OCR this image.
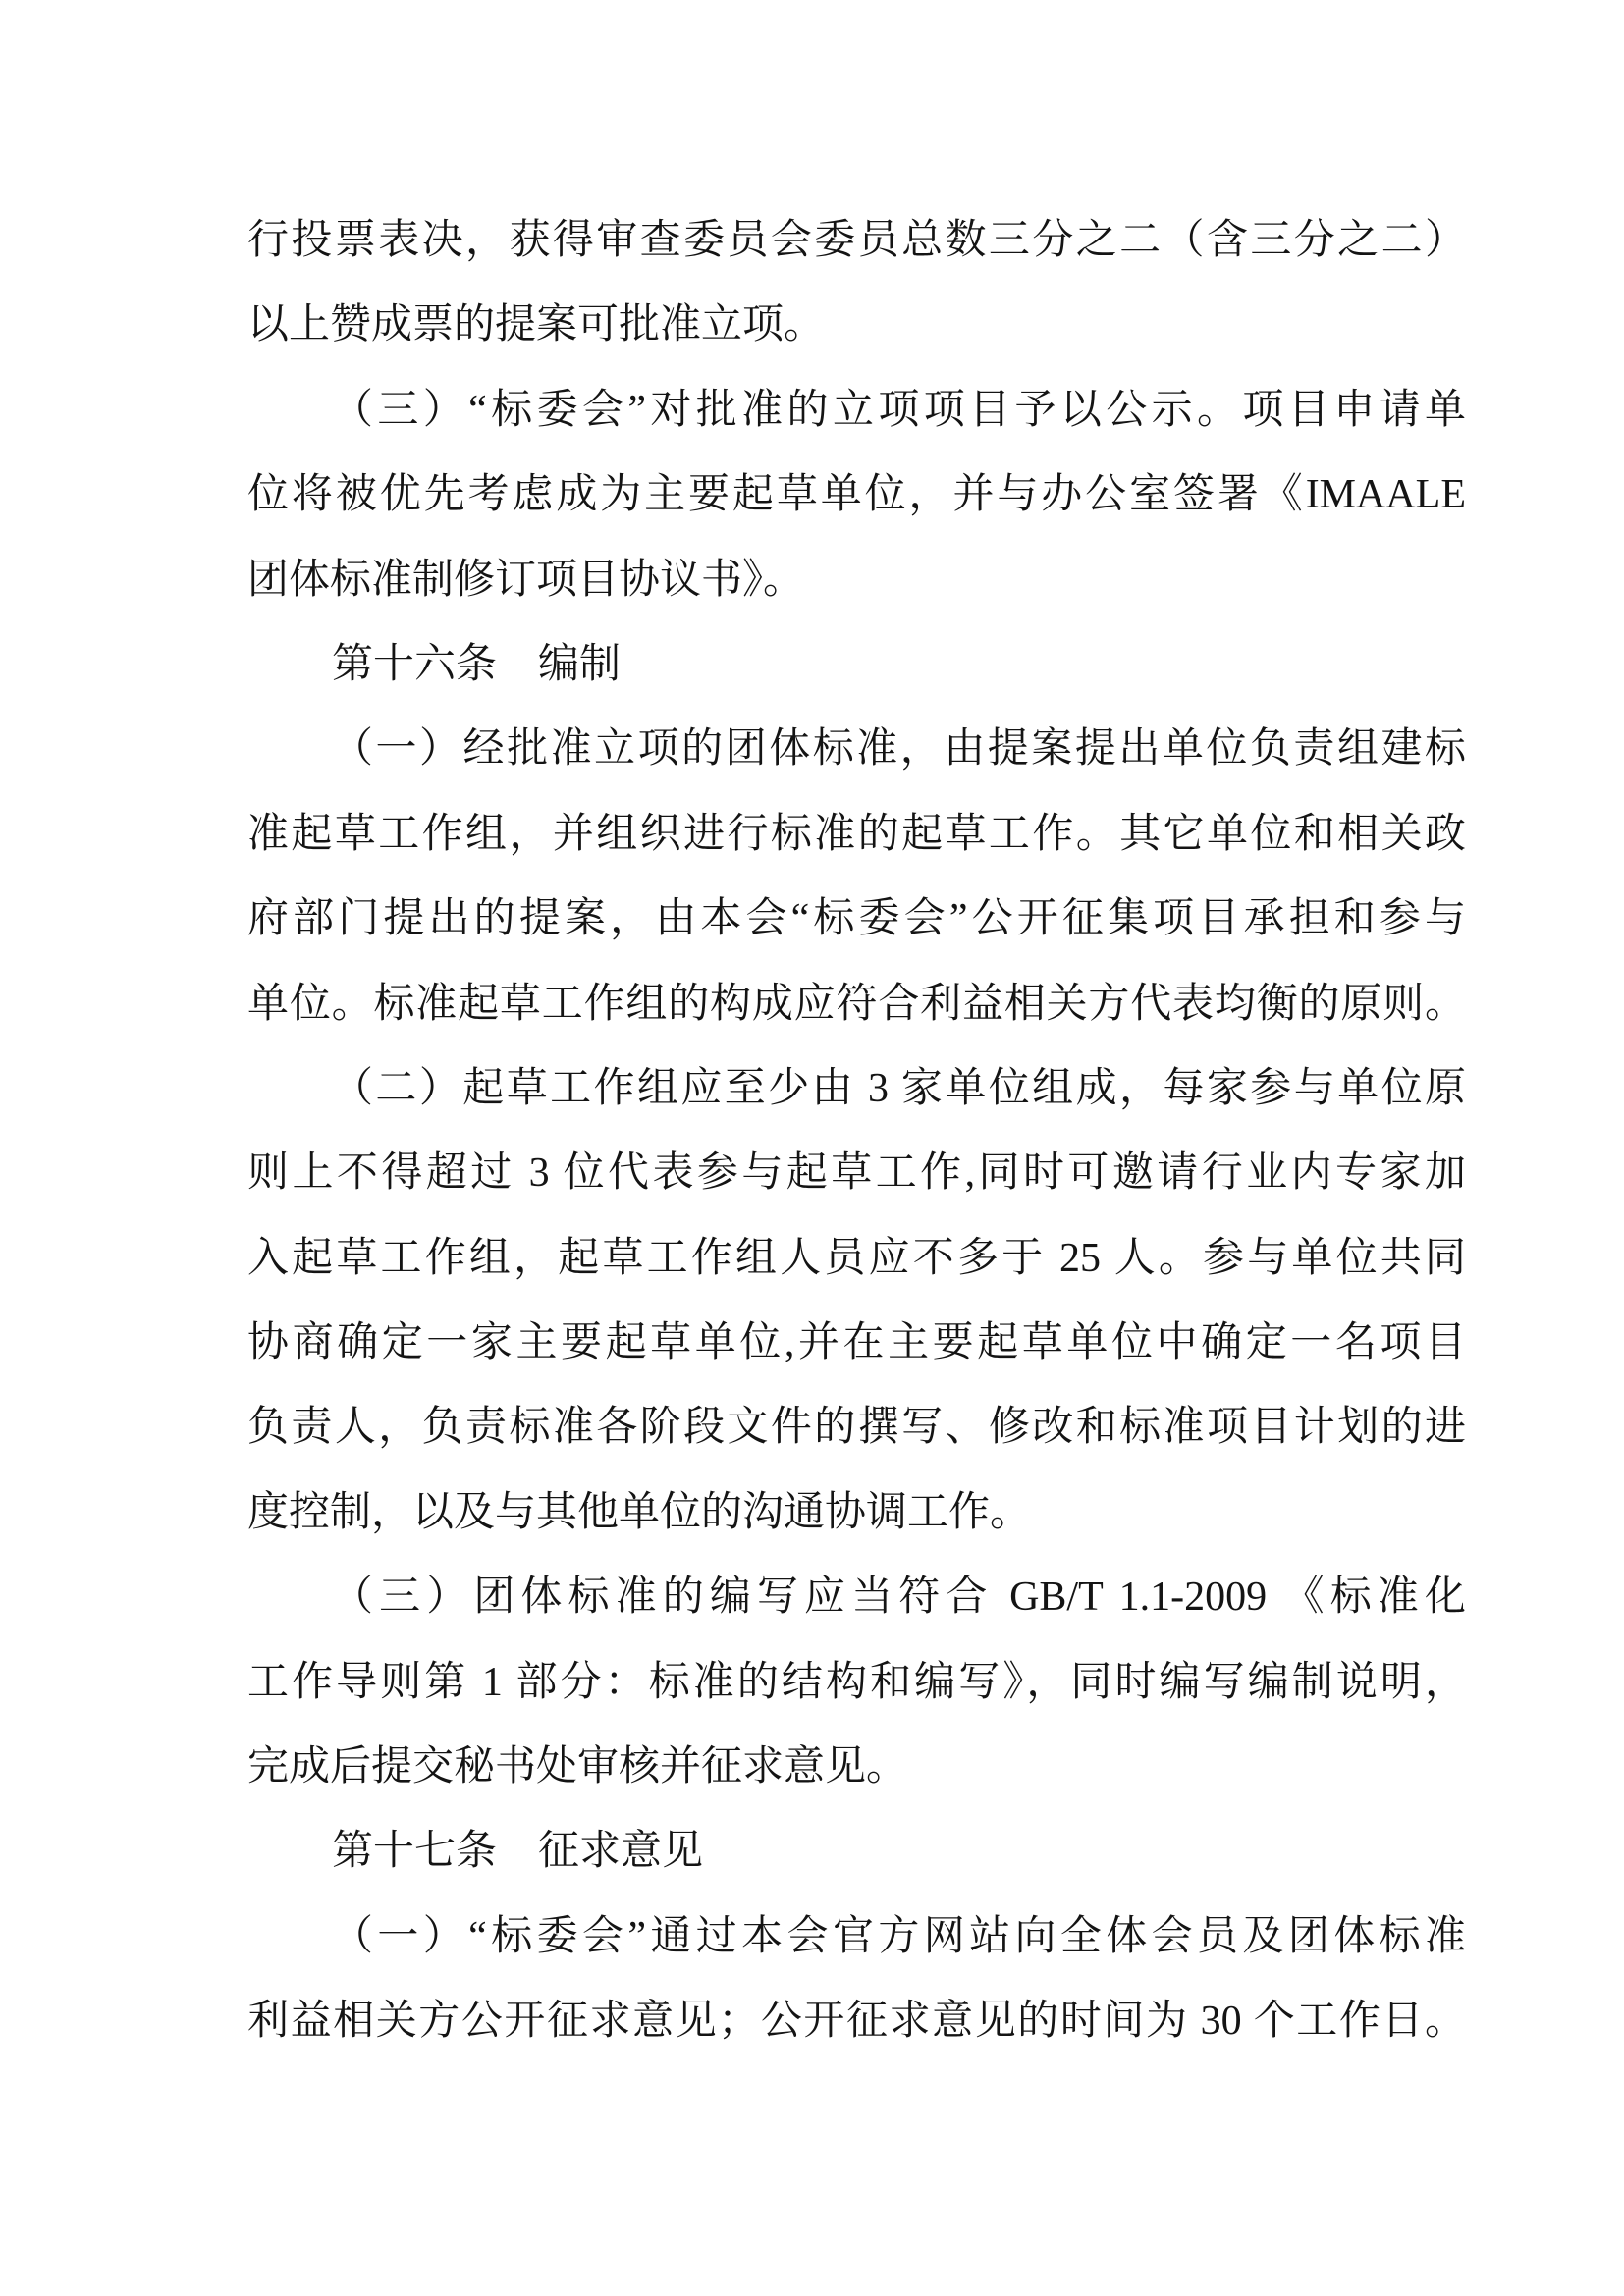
行投票表决，获得审查委员会委员总数三分之二（含三分之二）
以上赞成票的提案可批准立项。
（三）“标委会”对批准的立项项目予以公示。项目申请单
位将被优先考虑成为主要起草单位，并与办公室签署《IMAALE
团体标准制修订项目协议书》。
第十六条　编制
（一）经批准立项的团体标准，由提案提出单位负责组建标
准起草工作组，并组织进行标准的起草工作。其它单位和相关政
府部门提出的提案，由本会“标委会”公开征集项目承担和参与
单位。标准起草工作组的构成应符合利益相关方代表均衡的原则。
（二）起草工作组应至少由 3 家单位组成，每家参与单位原
则上不得超过 3 位代表参与起草工作,同时可邀请行业内专家加
入起草工作组，起草工作组人员应不多于 25 人。参与单位共同
协商确定一家主要起草单位,并在主要起草单位中确定一名项目
负责人，负责标准各阶段文件的撰写、修改和标准项目计划的进
度控制，以及与其他单位的沟通协调工作。
（三）团体标准的编写应当符合 GB/T 1.1-2009 《标准化
工作导则第 1 部分：标准的结构和编写》，同时编写编制说明，
完成后提交秘书处审核并征求意见。
第十七条　征求意见
（一）“标委会”通过本会官方网站向全体会员及团体标准
利益相关方公开征求意见；公开征求意见的时间为 30 个工作日。
